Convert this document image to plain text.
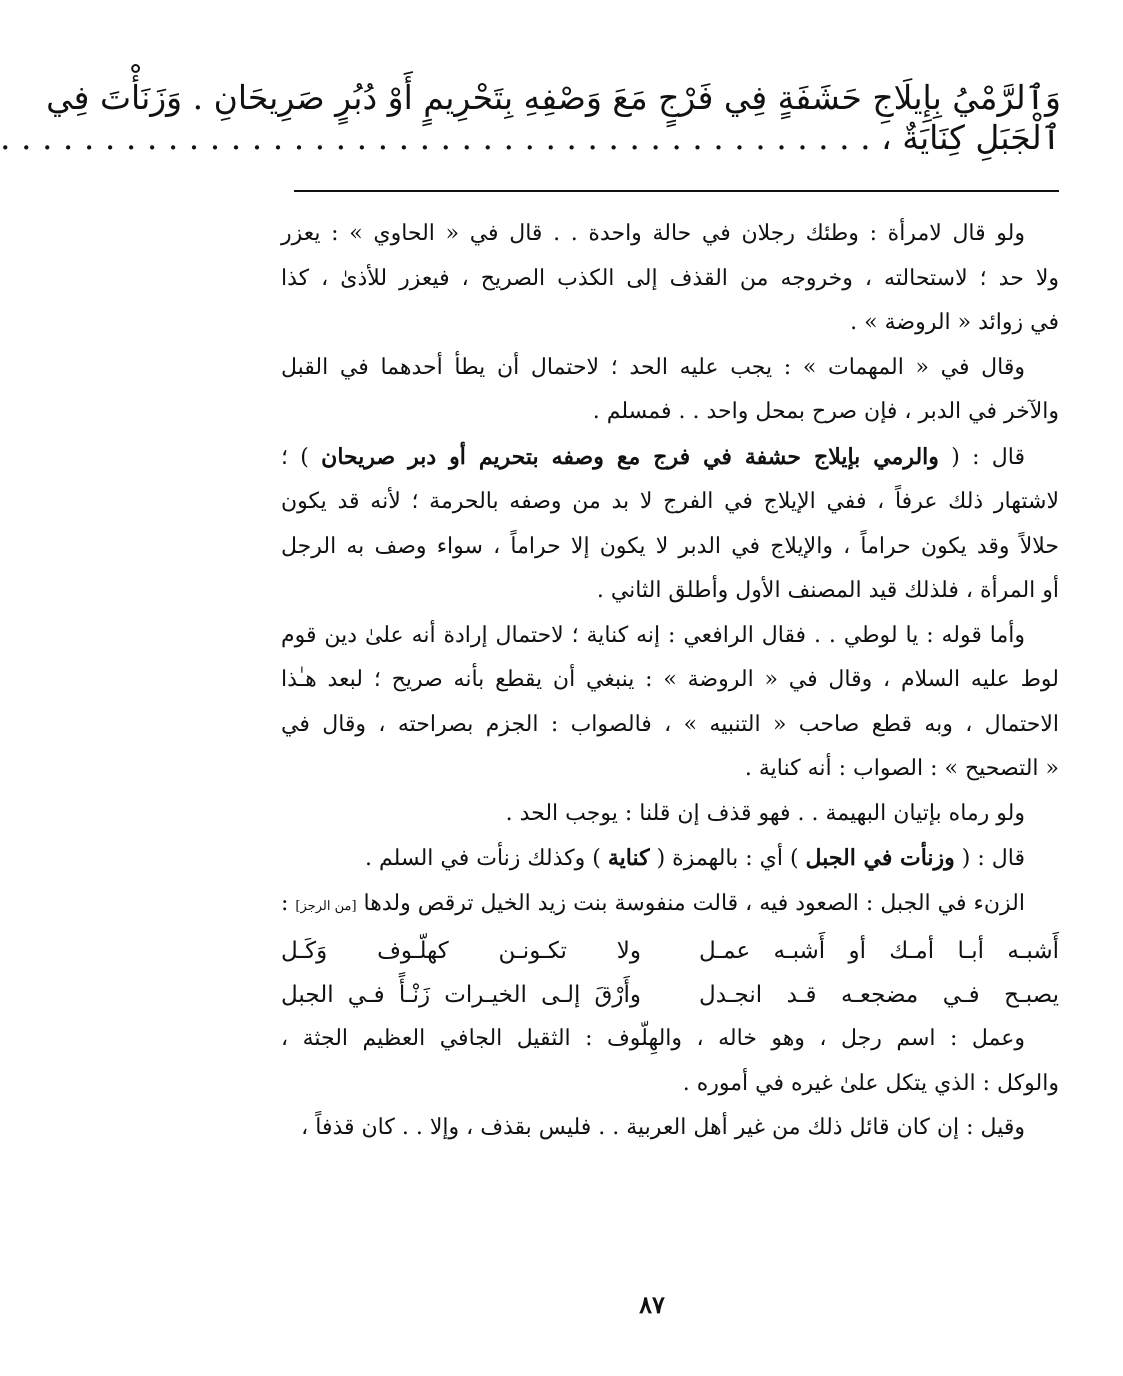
وَٱلرَّمْيُ بِإِيلَاجِ حَشَفَةٍ فِي فَرْجٍ مَعَ وَصْفِهِ بِتَحْرِيمٍ أَوْ دُبُرٍ صَرِيحَانِ . وَزَنَأْتَ فِي
ٱلْجَبَلِ كِنَايَةٌ ، . . . . . . . . . . . . . . . . . . . . . . . . . . . . . . . . . . . . . . . . . .
ولو قال لامرأة : وطئك رجلان في حالة واحدة . . قال في « الحاوي » : يعزر
ولا حد ؛ لاستحالته ، وخروجه من القذف إلى الكذب الصريح ، فيعزر للأذىٰ ، كذا
في زوائد « الروضة » .
وقال في « المهمات » : يجب عليه الحد ؛ لاحتمال أن يطأ أحدهما في القبل
والآخر في الدبر ، فإن صرح بمحل واحد . . فمسلم .
قال : ( والرمي بإيلاج حشفة في فرج مع وصفه بتحريم أو دبر صريحان ) ؛
لاشتهار ذلك عرفاً ، ففي الإيلاج في الفرج لا بد من وصفه بالحرمة ؛ لأنه قد يكون
حلالاً وقد يكون حراماً ، والإيلاج في الدبر لا يكون إلا حراماً ، سواء وصف به الرجل
أو المرأة ، فلذلك قيد المصنف الأول وأطلق الثاني .
وأما قوله : يا لوطي . . فقال الرافعي : إنه كناية ؛ لاحتمال إرادة أنه علىٰ دين قوم
لوط عليه السلام ، وقال في « الروضة » : ينبغي أن يقطع بأنه صريح ؛ لبعد هـٰذا
الاحتمال ، وبه قطع صاحب « التنبيه » ، فالصواب : الجزم بصراحته ، وقال في
« التصحيح » : الصواب : أنه كناية .
ولو رماه بإتيان البهيمة . . فهو قذف إن قلنا : يوجب الحد .
قال : ( وزنأت في الجبل ) أي : بالهمزة ( كناية ) وكذلك زنأت في السلم .
الزنء في الجبل : الصعود فيه ، قالت منفوسة بنت زيد الخيل ترقص ولدها [من الرجز] :
أَشبـه أبـا أمـك أو أَشبـه عمـل
ولا تكـونـن كهلّـوف وَكَـل
يصبـح فـي مضجعـه قـد انجـدل
وأَرْقَ إلـى الخيـرات زَنْـأً فـي الجبل
وعمل : اسم رجل ، وهو خاله ، والهِلّوف : الثقيل الجافي العظيم الجثة ،
والوكل : الذي يتكل علىٰ غيره في أموره .
وقيل : إن كان قائل ذلك من غير أهل العربية . . فليس بقذف ، وإلا . . كان قذفاً ،
٨٧
